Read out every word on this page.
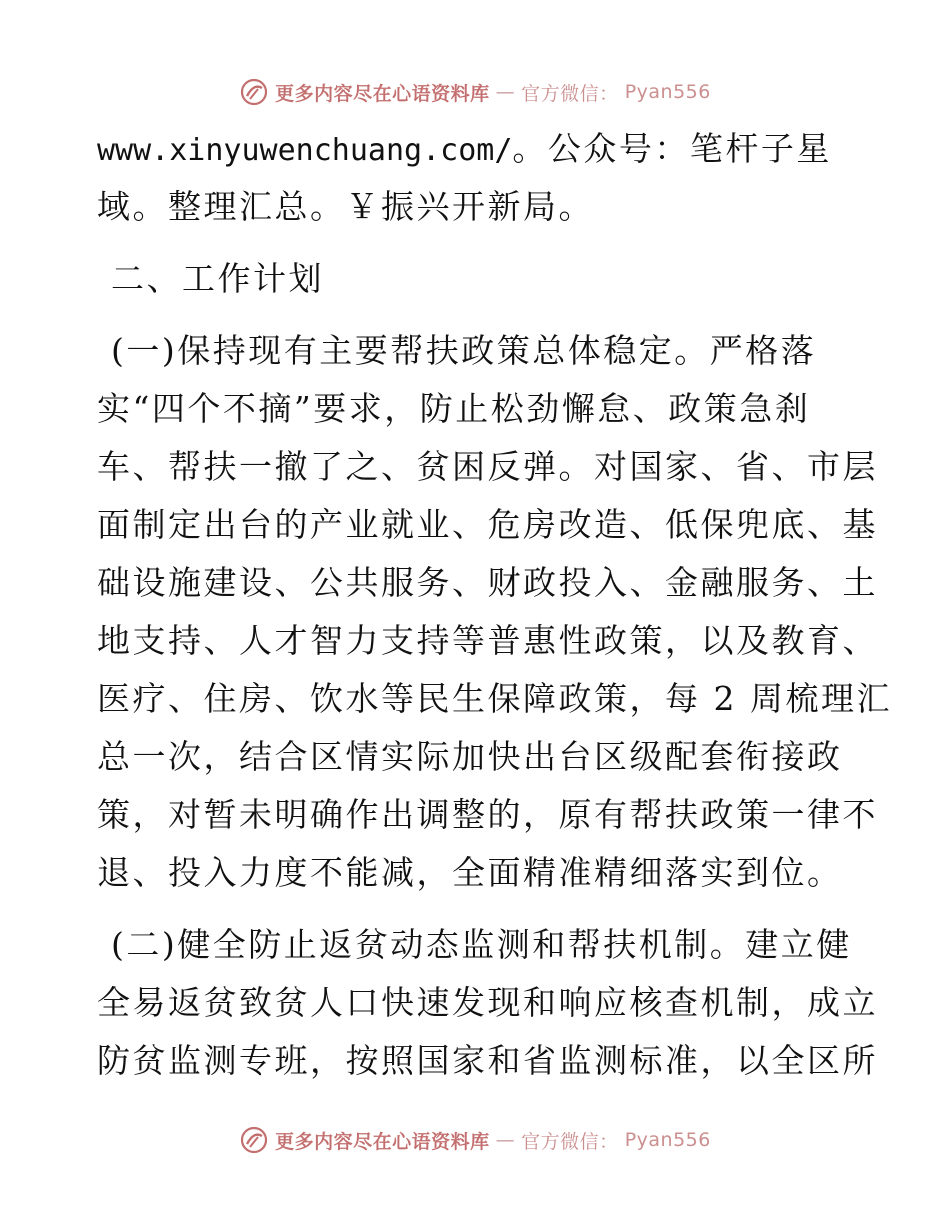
更多内容尽在心语资料库 — 官方微信： Pyan556
www.xinyuwenchuang.com/。公众号：笔杆子星
域。整理汇总。￥振兴开新局。
二、工作计划
(一)保持现有主要帮扶政策总体稳定。严格落
实“四个不摘”要求，防止松劲懈怠、政策急刹
车、帮扶一撤了之、贫困反弹。对国家、省、市层
面制定出台的产业就业、危房改造、低保兜底、基
础设施建设、公共服务、财政投入、金融服务、土
地支持、人才智力支持等普惠性政策，以及教育、
医疗、住房、饮水等民生保障政策，每 2 周梳理汇
总一次，结合区情实际加快出台区级配套衔接政
策，对暂未明确作出调整的，原有帮扶政策一律不
退、投入力度不能减，全面精准精细落实到位。
(二)健全防止返贫动态监测和帮扶机制。建立健
全易返贫致贫人口快速发现和响应核查机制，成立
防贫监测专班，按照国家和省监测标准，以全区所
更多内容尽在心语资料库 — 官方微信： Pyan556
